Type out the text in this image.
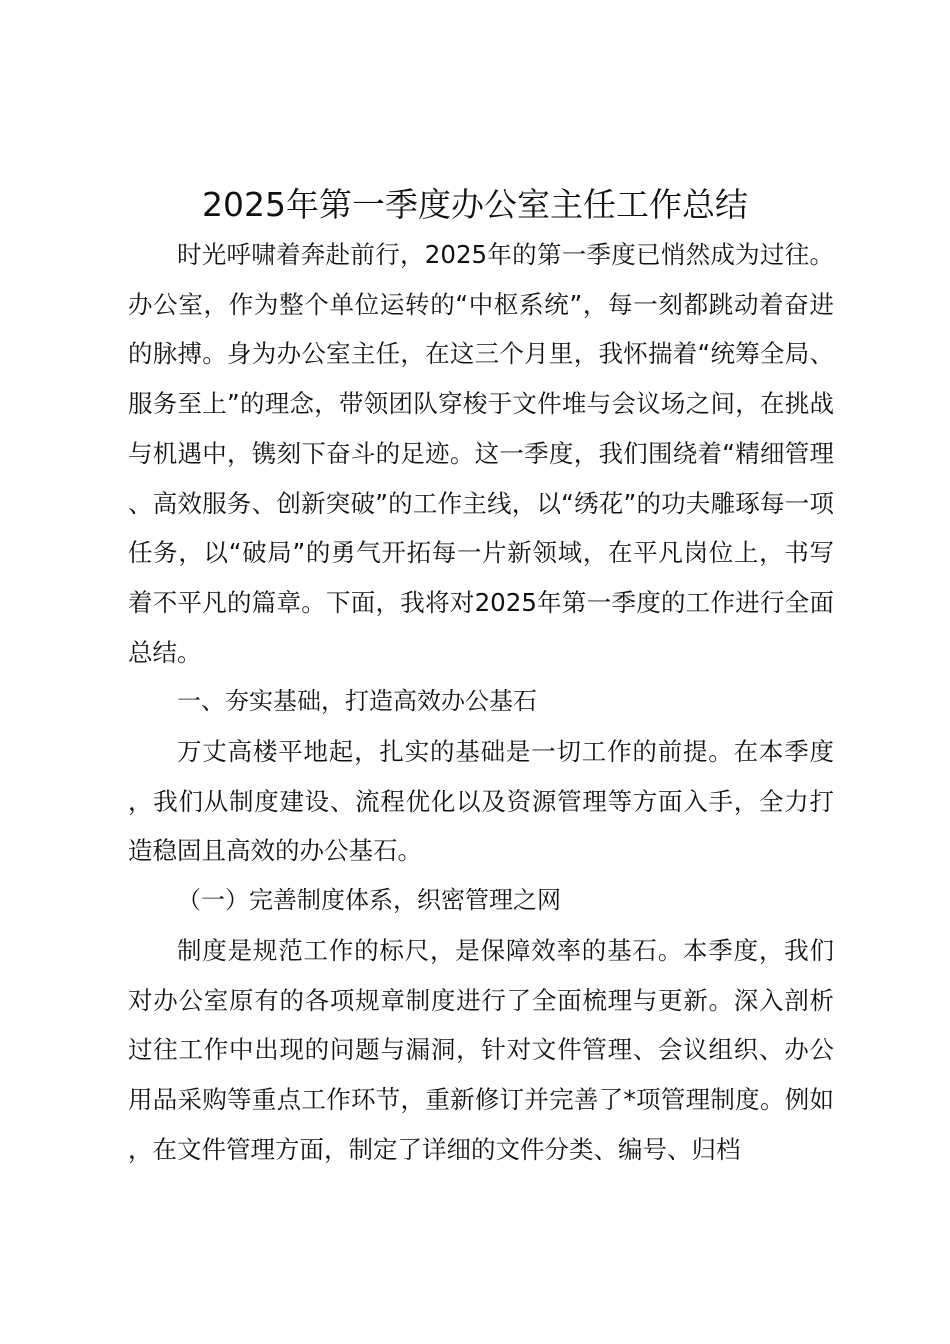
2025年第一季度办公室主任工作总结

时光呼啸着奔赴前行，2025年的第一季度已悄然成为过往。办公室，作为整个单位运转的“中枢系统”，每一刻都跳动着奋进的脉搏。身为办公室主任，在这三个月里，我怀揣着“统筹全局、服务至上”的理念，带领团队穿梭于文件堆与会议场之间，在挑战与机遇中，镌刻下奋斗的足迹。这一季度，我们围绕着“精细管理、高效服务、创新突破”的工作主线，以“绣花”的功夫雕琢每一项任务，以“破局”的勇气开拓每一片新领域，在平凡岗位上，书写着不平凡的篇章。下面，我将对2025年第一季度的工作进行全面总结。

一、夯实基础，打造高效办公基石

万丈高楼平地起，扎实的基础是一切工作的前提。在本季度，我们从制度建设、流程优化以及资源管理等方面入手，全力打造稳固且高效的办公基石。

（一）完善制度体系，织密管理之网

制度是规范工作的标尺，是保障效率的基石。本季度，我们对办公室原有的各项规章制度进行了全面梳理与更新。深入剖析过往工作中出现的问题与漏洞，针对文件管理、会议组织、办公用品采购等重点工作环节，重新修订并完善了*项管理制度。例如，在文件管理方面，制定了详细的文件分类、编号、归档
